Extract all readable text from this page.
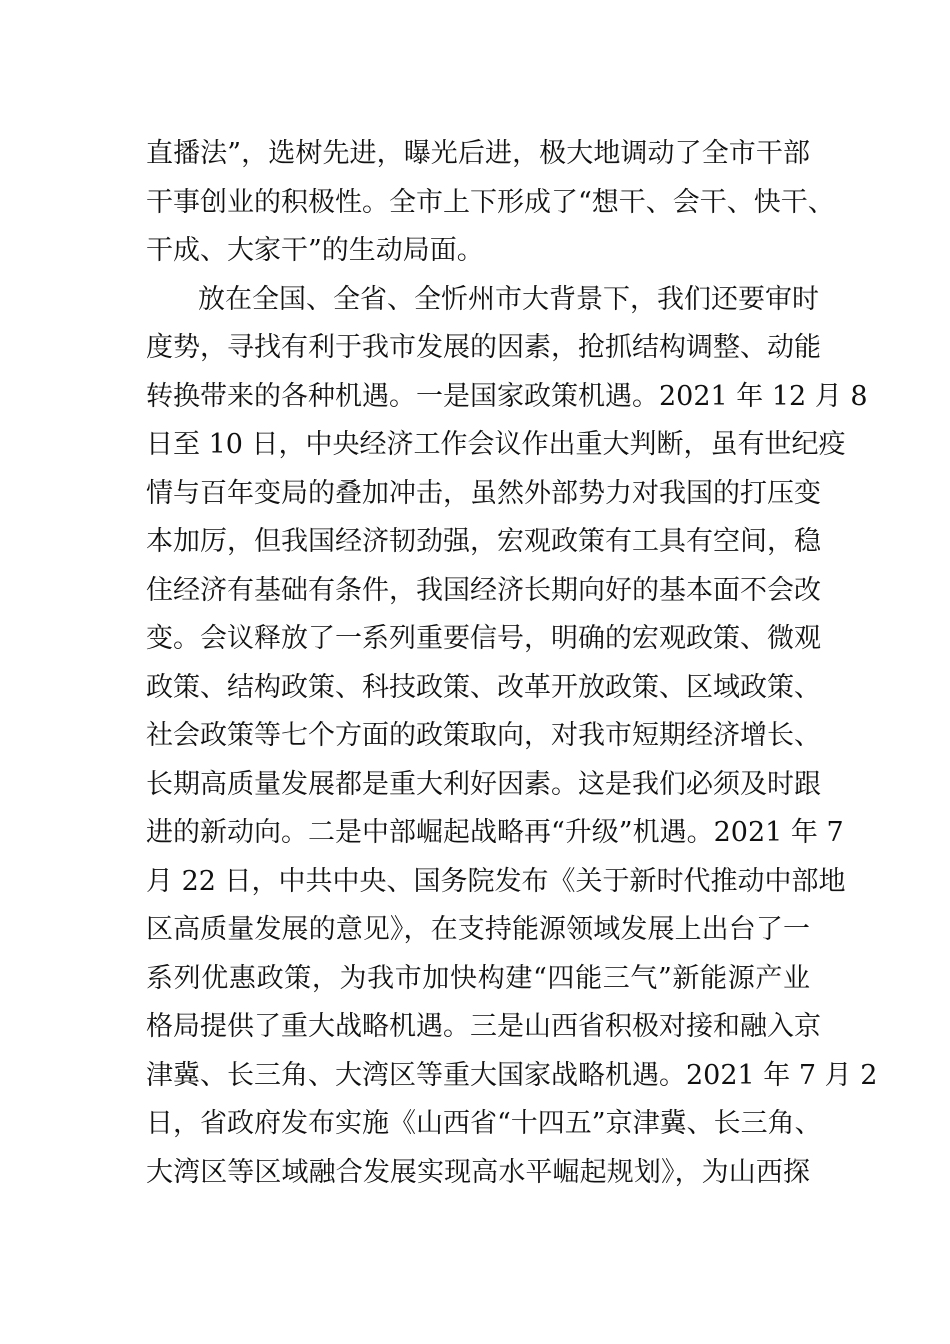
直播法”，选树先进，曝光后进，极大地调动了全市干部
干事创业的积极性。全市上下形成了“想干、会干、快干、
干成、大家干”的生动局面。
放在全国、全省、全忻州市大背景下，我们还要审时
度势，寻找有利于我市发展的因素，抢抓结构调整、动能
转换带来的各种机遇。一是国家政策机遇。2021 年 12 月 8
日至 10 日，中央经济工作会议作出重大判断，虽有世纪疫
情与百年变局的叠加冲击，虽然外部势力对我国的打压变
本加厉，但我国经济韧劲强，宏观政策有工具有空间，稳
住经济有基础有条件，我国经济长期向好的基本面不会改
变。会议释放了一系列重要信号，明确的宏观政策、微观
政策、结构政策、科技政策、改革开放政策、区域政策、
社会政策等七个方面的政策取向，对我市短期经济增长、
长期高质量发展都是重大利好因素。这是我们必须及时跟
进的新动向。二是中部崛起战略再“升级”机遇。2021 年 7
月 22 日，中共中央、国务院发布《关于新时代推动中部地
区高质量发展的意见》，在支持能源领域发展上出台了一
系列优惠政策，为我市加快构建“四能三气”新能源产业
格局提供了重大战略机遇。三是山西省积极对接和融入京
津冀、长三角、大湾区等重大国家战略机遇。2021 年 7 月 2
日，省政府发布实施《山西省“十四五”京津冀、长三角、
大湾区等区域融合发展实现高水平崛起规划》，为山西探
